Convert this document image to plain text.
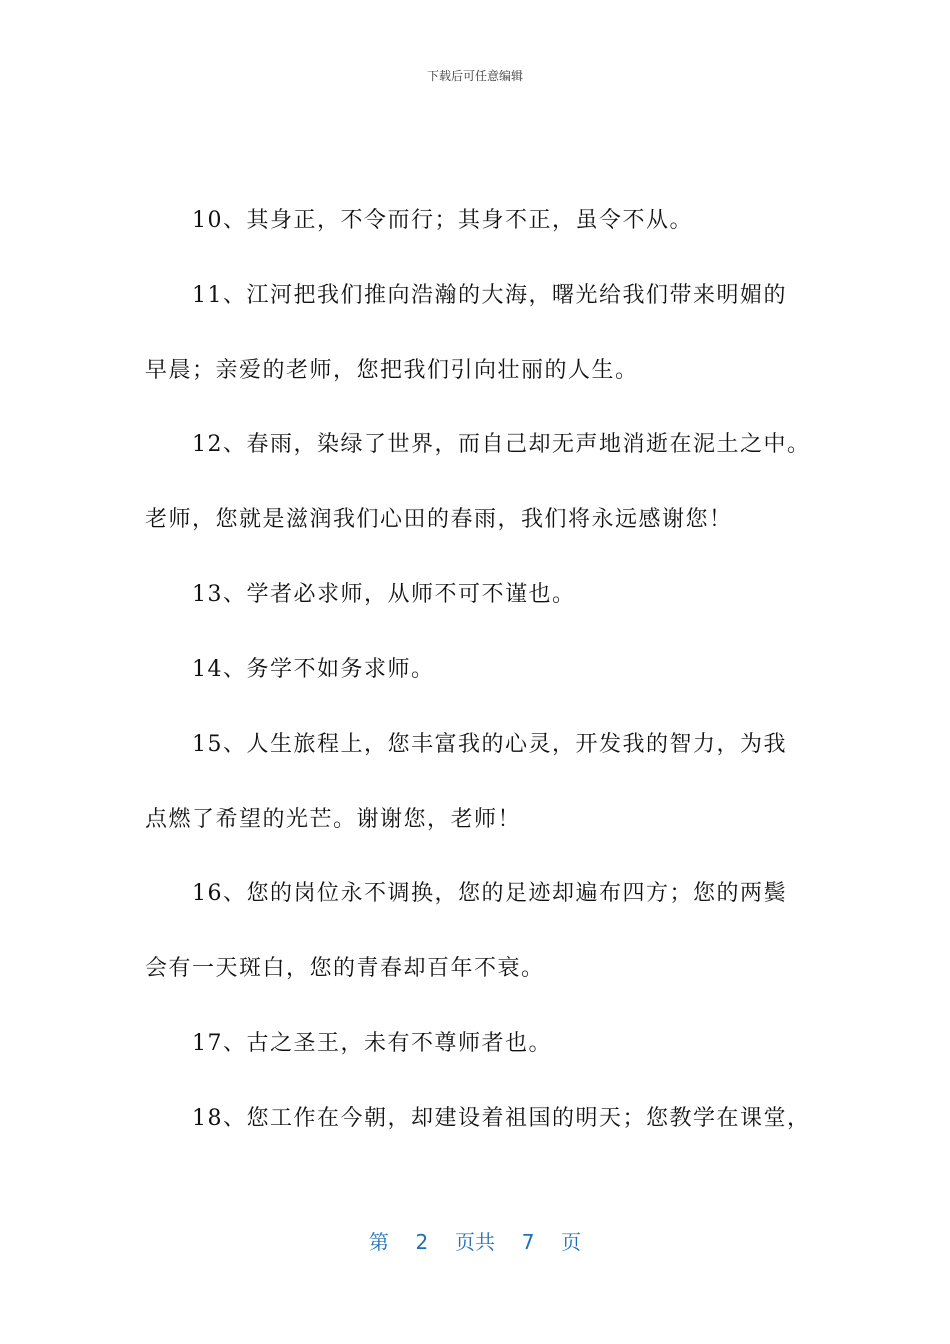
下载后可任意编辑
10、其身正，不令而行；其身不正，虽令不从。
11、江河把我们推向浩瀚的大海，曙光给我们带来明媚的
早晨；亲爱的老师，您把我们引向壮丽的人生。
12、春雨，染绿了世界，而自己却无声地消逝在泥土之中。
老师，您就是滋润我们心田的春雨，我们将永远感谢您！
13、学者必求师，从师不可不谨也。
14、务学不如务求师。
15、人生旅程上，您丰富我的心灵，开发我的智力，为我
点燃了希望的光芒。谢谢您，老师！
16、您的岗位永不调换，您的足迹却遍布四方；您的两鬓
会有一天斑白，您的青春却百年不衰。
17、古之圣王，未有不尊师者也。
18、您工作在今朝，却建设着祖国的明天；您教学在课堂，
第 2 页共 7 页
